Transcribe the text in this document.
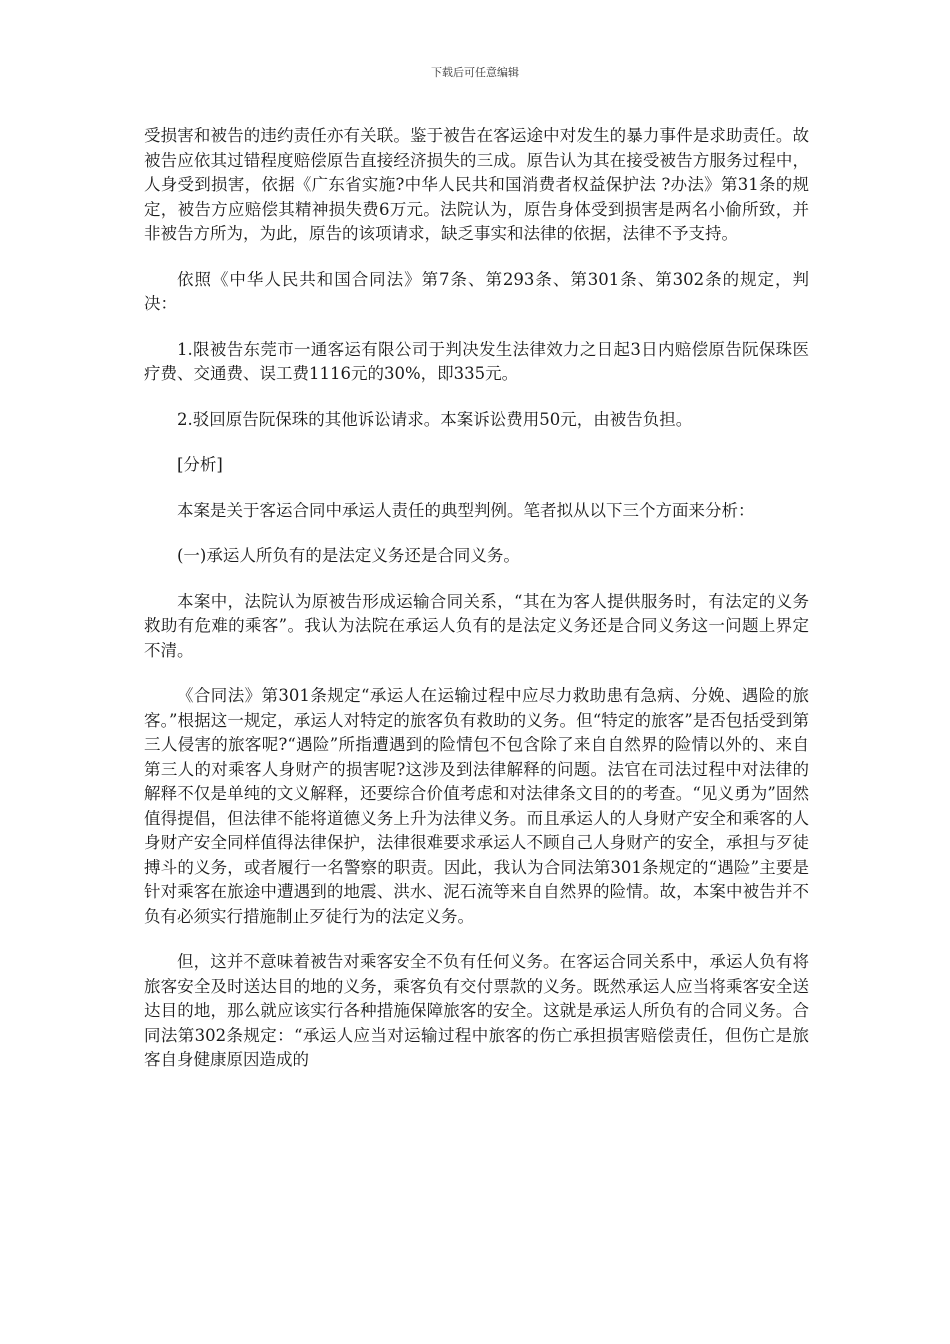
下载后可任意编辑

受损害和被告的违约责任亦有关联。鉴于被告在客运途中对发生的暴力事件是求助责任。故被告应依其过错程度赔偿原告直接经济损失的三成。原告认为其在接受被告方服务过程中，人身受到损害，依据《广东省实施?中华人民共和国消费者权益保护法 ?办法》第31条的规定，被告方应赔偿其精神损失费6万元。法院认为，原告身体受到损害是两名小偷所致，并非被告方所为，为此，原告的该项请求，缺乏事实和法律的依据，法律不予支持。

依照《中华人民共和国合同法》第7条、第293条、第301条、第302条的规定，判决：

1.限被告东莞市一通客运有限公司于判决发生法律效力之日起3日内赔偿原告阮保珠医疗费、交通费、误工费1116元的30%，即335元。

2.驳回原告阮保珠的其他诉讼请求。本案诉讼费用50元，由被告负担。

[分析]

本案是关于客运合同中承运人责任的典型判例。笔者拟从以下三个方面来分析：

(一)承运人所负有的是法定义务还是合同义务。

本案中，法院认为原被告形成运输合同关系，“其在为客人提供服务时，有法定的义务救助有危难的乘客”。我认为法院在承运人负有的是法定义务还是合同义务这一问题上界定不清。

《合同法》第301条规定“承运人在运输过程中应尽力救助患有急病、分娩、遇险的旅客。”根据这一规定，承运人对特定的旅客负有救助的义务。但“特定的旅客”是否包括受到第三人侵害的旅客呢?“遇险”所指遭遇到的险情包不包含除了来自自然界的险情以外的、来自第三人的对乘客人身财产的损害呢?这涉及到法律解释的问题。法官在司法过程中对法律的解释不仅是单纯的文义解释，还要综合价值考虑和对法律条文目的的考查。“见义勇为”固然值得提倡，但法律不能将道德义务上升为法律义务。而且承运人的人身财产安全和乘客的人身财产安全同样值得法律保护，法律很难要求承运人不顾自己人身财产的安全，承担与歹徒搏斗的义务，或者履行一名警察的职责。因此，我认为合同法第301条规定的“遇险”主要是针对乘客在旅途中遭遇到的地震、洪水、泥石流等来自自然界的险情。故，本案中被告并不负有必须实行措施制止歹徒行为的法定义务。

但，这并不意味着被告对乘客安全不负有任何义务。在客运合同关系中，承运人负有将旅客安全及时送达目的地的义务，乘客负有交付票款的义务。既然承运人应当将乘客安全送达目的地，那么就应该实行各种措施保障旅客的安全。这就是承运人所负有的合同义务。合同法第302条规定：“承运人应当对运输过程中旅客的伤亡承担损害赔偿责任，但伤亡是旅客自身健康原因造成的
